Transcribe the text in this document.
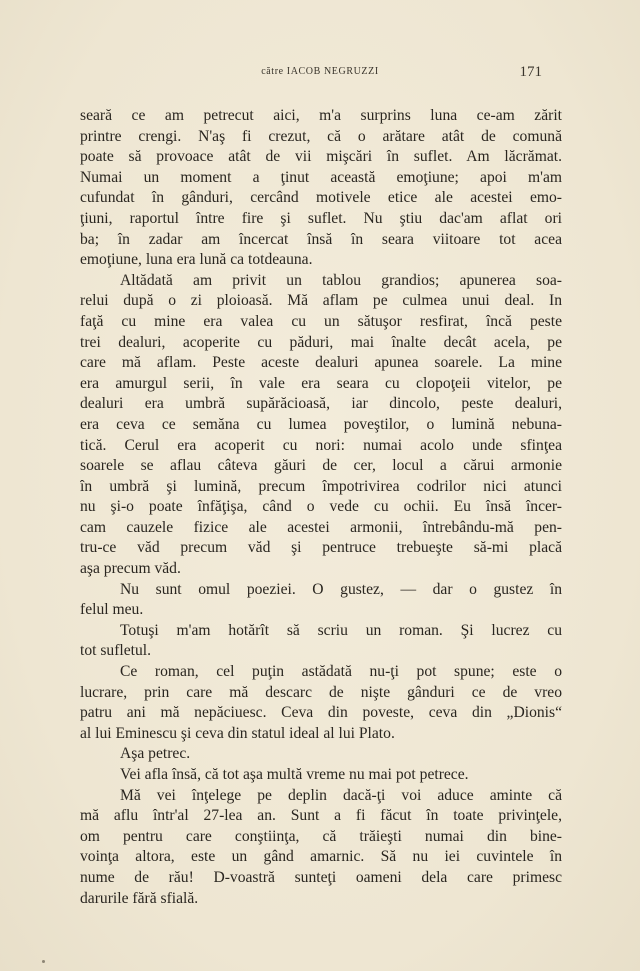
către IACOB NEGRUZZI	171
seară ce am petrecut aici, m'a surprins luna ce-am zărit
printre crengi. N'aş fi crezut, că o arătare atât de comună
poate să provoace atât de vii mişcări în suflet. Am lăcrămat.
Numai un moment a ţinut această emoţiune; apoi m'am
cufundat în gânduri, cercând motivele etice ale acestei emo-
ţiuni, raportul între fire şi suflet. Nu ştiu dac'am aflat ori
ba; în zadar am încercat însă în seara viitoare tot acea
emoţiune, luna era lună ca totdeauna.
Altădată am privit un tablou grandios; apunerea soa-
relui după o zi ploioasă. Mă aflam pe culmea unui deal. In
faţă cu mine era valea cu un sătuşor resfirat, încă peste
trei dealuri, acoperite cu păduri, mai înalte decât acela, pe
care mă aflam. Peste aceste dealuri apunea soarele. La mine
era amurgul serii, în vale era seara cu clopoţeii vitelor, pe
dealuri era umbră supărăcioasă, iar dincolo, peste dealuri,
era ceva ce semăna cu lumea poveştilor, o lumină nebuna-
tică. Cerul era acoperit cu nori: numai acolo unde sfinţea
soarele se aflau câteva găuri de cer, locul a cărui armonie
în umbră şi lumină, precum împotrivirea codrilor nici atunci
nu şi-o poate înfăţişa, când o vede cu ochii. Eu însă încer-
cam cauzele fizice ale acestei armonii, întrebându-mă pen-
tru-ce văd precum văd şi pentruce trebueşte să-mi placă
aşa precum văd.
Nu sunt omul poeziei. O gustez, — dar o gustez în
felul meu.
Totuşi m'am hotărît să scriu un roman. Şi lucrez cu
tot sufletul.
Ce roman, cel puţin astădată nu-ţi pot spune; este o
lucrare, prin care mă descarc de nişte gânduri ce de vreo
patru ani mă nepăciuesc. Ceva din poveste, ceva din „Dionis“
al lui Eminescu şi ceva din statul ideal al lui Plato.
Aşa petrec.
Vei afla însă, că tot aşa multă vreme nu mai pot petrece.
Mă vei înţelege pe deplin dacă-ţi voi aduce aminte că
mă aflu într'al 27-lea an. Sunt a fi făcut în toate privinţele,
om pentru care conştiinţa, că trăieşti numai din bine-
voinţa altora, este un gând amarnic. Să nu iei cuvintele în
nume de rău! D-voastră sunteţi oameni dela care primesc
darurile fără sfială.
